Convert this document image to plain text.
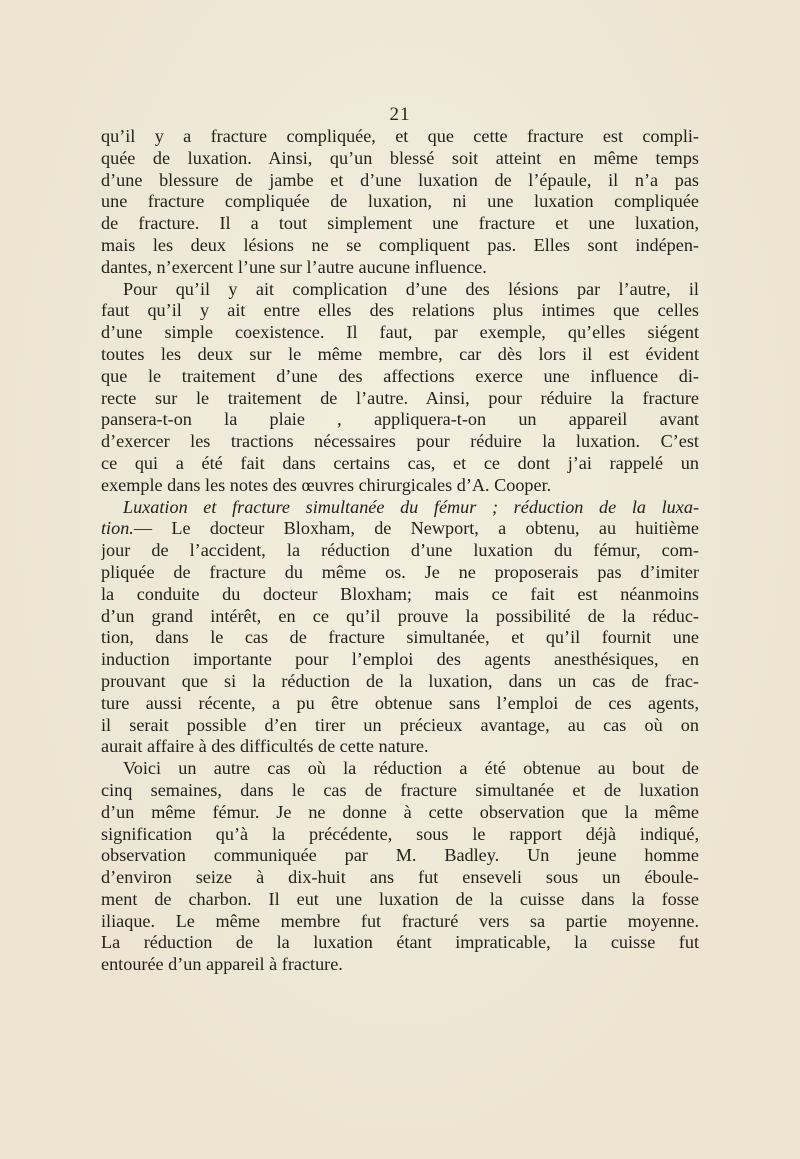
21
qu’il y a fracture compliquée, et que cette fracture est compli-
quée de luxation. Ainsi, qu’un blessé soit atteint en même temps
d’une blessure de jambe et d’une luxation de l’épaule, il n’a pas
une fracture compliquée de luxation, ni une luxation compliquée
de fracture. Il a tout simplement une fracture et une luxation,
mais les deux lésions ne se compliquent pas. Elles sont indépen-
dantes, n’exercent l’une sur l’autre aucune influence.
Pour qu’il y ait complication d’une des lésions par l’autre, il
faut qu’il y ait entre elles des relations plus intimes que celles
d’une simple coexistence. Il faut, par exemple, qu’elles siégent
toutes les deux sur le même membre, car dès lors il est évident
que le traitement d’une des affections exerce une influence di-
recte sur le traitement de l’autre. Ainsi, pour réduire la fracture
pansera-t-on la plaie , appliquera-t-on un appareil avant
d’exercer les tractions nécessaires pour réduire la luxation. C’est
ce qui a été fait dans certains cas, et ce dont j’ai rappelé un
exemple dans les notes des œuvres chirurgicales d’A. Cooper.
Luxation et fracture simultanée du fémur ; réduction de la luxa-
tion.— Le docteur Bloxham, de Newport, a obtenu, au huitième
jour de l’accident, la réduction d’une luxation du fémur, com-
pliquée de fracture du même os. Je ne proposerais pas d’imiter
la conduite du docteur Bloxham; mais ce fait est néanmoins
d’un grand intérêt, en ce qu’il prouve la possibilité de la réduc-
tion, dans le cas de fracture simultanée, et qu’il fournit une
induction importante pour l’emploi des agents anesthésiques, en
prouvant que si la réduction de la luxation, dans un cas de frac-
ture aussi récente, a pu être obtenue sans l’emploi de ces agents,
il serait possible d’en tirer un précieux avantage, au cas où on
aurait affaire à des difficultés de cette nature.
Voici un autre cas où la réduction a été obtenue au bout de
cinq semaines, dans le cas de fracture simultanée et de luxation
d’un même fémur. Je ne donne à cette observation que la même
signification qu’à la précédente, sous le rapport déjà indiqué,
observation communiquée par M. Badley. Un jeune homme
d’environ seize à dix-huit ans fut enseveli sous un éboule-
ment de charbon. Il eut une luxation de la cuisse dans la fosse
iliaque. Le même membre fut fracturé vers sa partie moyenne.
La réduction de la luxation étant impraticable, la cuisse fut
entourée d’un appareil à fracture.
